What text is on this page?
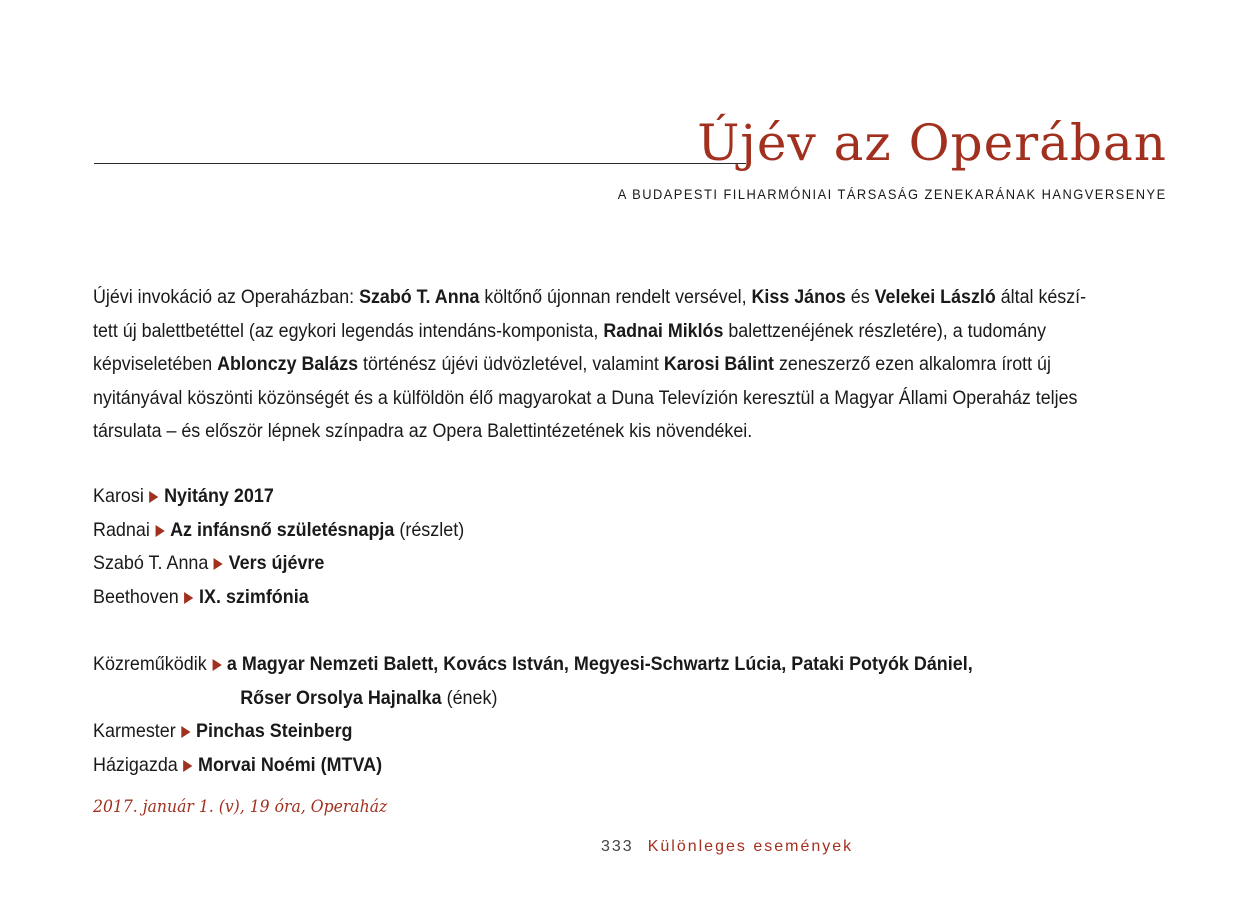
Újév az Operában
A BUDAPESTI FILHARMÓNIAI TÁRSASÁG ZENEKARÁNAK HANGVERSENYE
Újévi invokáció az Operaházban: Szabó T. Anna költőnő újonnan rendelt versével, Kiss János és Velekei László által készí-
tett új balettbetéttel (az egykori legendás intendáns-komponista, Radnai Miklós balettzenéjének részletére), a tudomány
képviseletében Ablonczy Balázs történész újévi üdvözletével, valamint Karosi Bálint zeneszerző ezen alkalomra írott új
nyitányával köszönti közönségét és a külföldön élő magyarokat a Duna Televízión keresztül a Magyar Állami Operaház teljes
társulata – és először lépnek színpadra az Opera Balettintézetének kis növendékei.
Karosi Nyitány 2017
Radnai Az infánsnő születésnapja (részlet)
Szabó T. Anna Vers újévre
Beethoven IX. szimfónia
Közreműködik a Magyar Nemzeti Balett, Kovács István, Megyesi-Schwartz Lúcia, Pataki Potyók Dániel,
Rőser Orsolya Hajnalka (ének)
Karmester Pinchas Steinberg
Házigazda Morvai Noémi (MTVA)
2017. január 1. (v), 19 óra, Operaház
333 Különleges események
